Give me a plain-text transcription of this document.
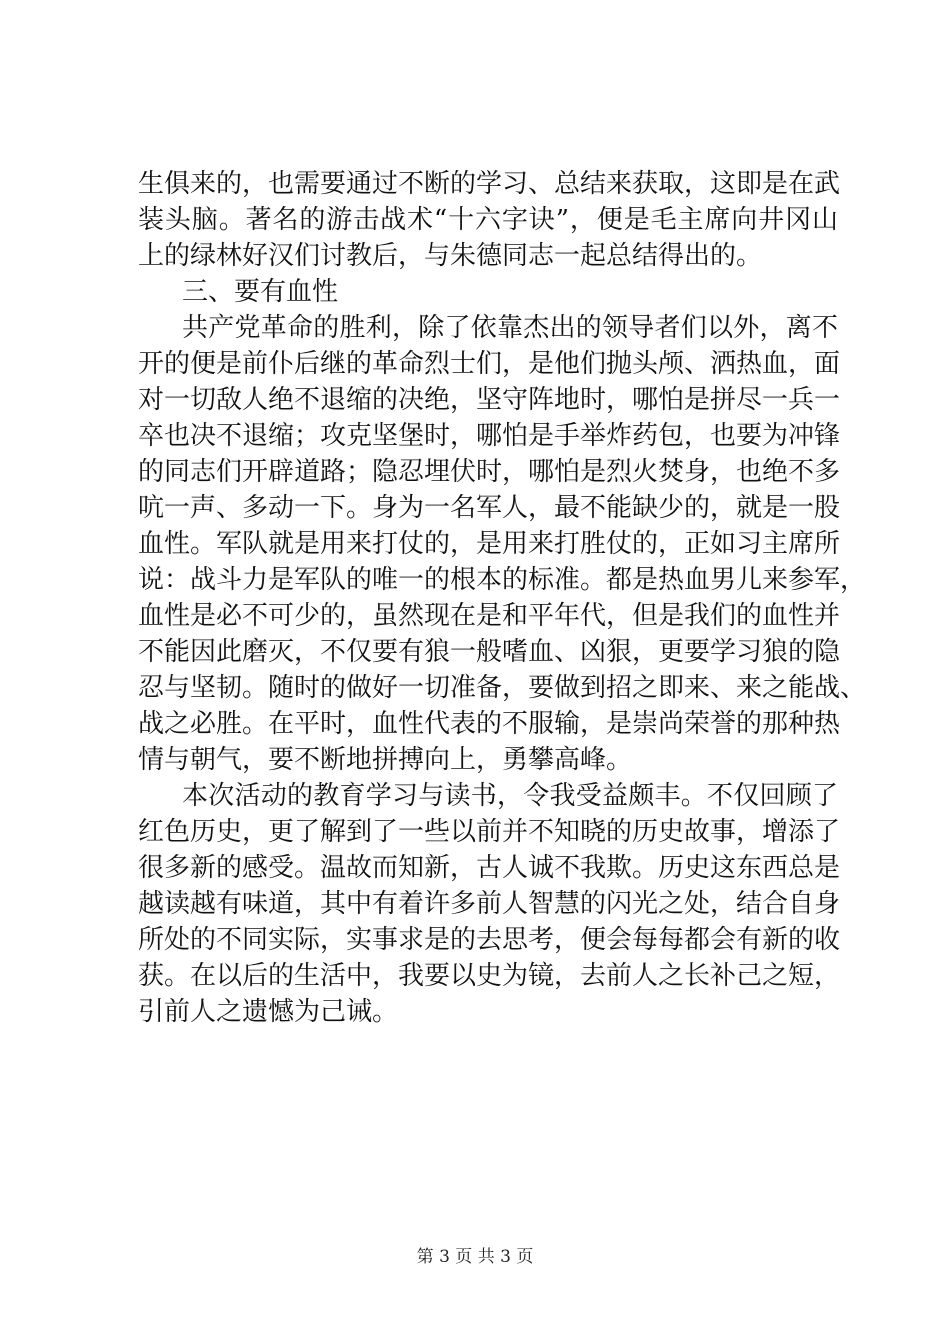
生俱来的，也需要通过不断的学习、总结来获取，这即是在武
装头脑。著名的游击战术“十六字诀”，便是毛主席向井冈山
上的绿林好汉们讨教后，与朱德同志一起总结得出的。
三、要有血性
共产党革命的胜利，除了依靠杰出的领导者们以外，离不
开的便是前仆后继的革命烈士们，是他们抛头颅、洒热血，面
对一切敌人绝不退缩的决绝，坚守阵地时，哪怕是拼尽一兵一
卒也决不退缩；攻克坚堡时，哪怕是手举炸药包，也要为冲锋
的同志们开辟道路；隐忍埋伏时，哪怕是烈火焚身，也绝不多
吭一声、多动一下。身为一名军人，最不能缺少的，就是一股
血性。军队就是用来打仗的，是用来打胜仗的，正如习主席所
说：战斗力是军队的唯一的根本的标准。都是热血男儿来参军，
血性是必不可少的，虽然现在是和平年代，但是我们的血性并
不能因此磨灭，不仅要有狼一般嗜血、凶狠，更要学习狼的隐
忍与坚韧。随时的做好一切准备，要做到招之即来、来之能战、
战之必胜。在平时，血性代表的不服输，是崇尚荣誉的那种热
情与朝气，要不断地拼搏向上，勇攀高峰。
本次活动的教育学习与读书，令我受益颇丰。不仅回顾了
红色历史，更了解到了一些以前并不知晓的历史故事，增添了
很多新的感受。温故而知新，古人诚不我欺。历史这东西总是
越读越有味道，其中有着许多前人智慧的闪光之处，结合自身
所处的不同实际，实事求是的去思考，便会每每都会有新的收
获。在以后的生活中，我要以史为镜，去前人之长补己之短，
引前人之遗憾为己诫。
第 3 页 共 3 页
